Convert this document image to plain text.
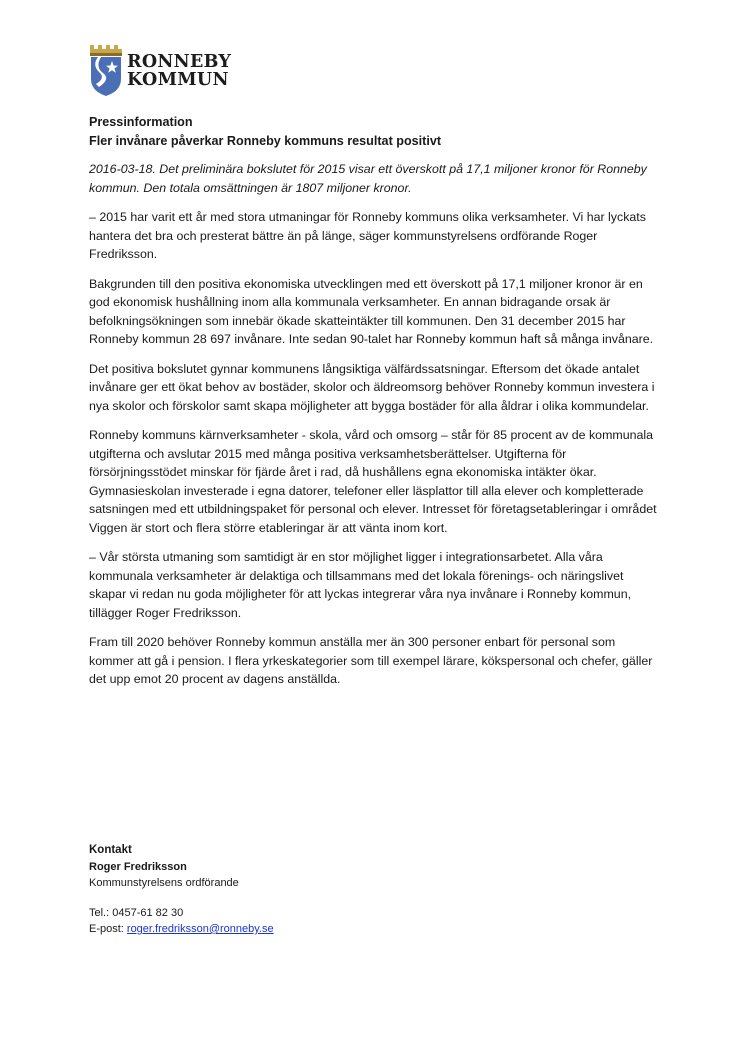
RONNEBY
KOMMUN
Pressinformation
Fler invånare påverkar Ronneby kommuns resultat positivt

2016-03-18. Det preliminära bokslutet för 2015 visar ett överskott på 17,1 miljoner kronor för Ronneby kommun. Den totala omsättningen är 1807 miljoner kronor.

– 2015 har varit ett år med stora utmaningar för Ronneby kommuns olika verksamheter. Vi har lyckats hantera det bra och presterat bättre än på länge, säger kommunstyrelsens ordförande Roger Fredriksson.

Bakgrunden till den positiva ekonomiska utvecklingen med ett överskott på 17,1 miljoner kronor är en god ekonomisk hushållning inom alla kommunala verksamheter. En annan bidragande orsak är befolkningsökningen som innebär ökade skatteintäkter till kommunen. Den 31 december 2015 har Ronneby kommun 28 697 invånare. Inte sedan 90-talet har Ronneby kommun haft så många invånare.

Det positiva bokslutet gynnar kommunens långsiktiga välfärdssatsningar. Eftersom det ökade antalet invånare ger ett ökat behov av bostäder, skolor och äldreomsorg behöver Ronneby kommun investera i nya skolor och förskolor samt skapa möjligheter att bygga bostäder för alla åldrar i olika kommundelar.

Ronneby kommuns kärnverksamheter - skola, vård och omsorg – står för 85 procent av de kommunala utgifterna och avslutar 2015 med många positiva verksamhetsberättelser. Utgifterna för försörjningsstödet minskar för fjärde året i rad, då hushållens egna ekonomiska intäkter ökar. Gymnasieskolan investerade i egna datorer, telefoner eller läsplattor till alla elever och kompletterade satsningen med ett utbildningspaket för personal och elever. Intresset för företagsetableringar i området Viggen är stort och flera större etableringar är att vänta inom kort.

– Vår största utmaning som samtidigt är en stor möjlighet ligger i integrationsarbetet. Alla våra kommunala verksamheter är delaktiga och tillsammans med det lokala förenings- och näringslivet skapar vi redan nu goda möjligheter för att lyckas integrerar våra nya invånare i Ronneby kommun, tillägger Roger Fredriksson.

Fram till 2020 behöver Ronneby kommun anställa mer än 300 personer enbart för personal som kommer att gå i pension. I flera yrkeskategorier som till exempel lärare, kökspersonal och chefer, gäller det upp emot 20 procent av dagens anställda.

Kontakt
Roger Fredriksson
Kommunstyrelsens ordförande
Tel.: 0457-61 82 30
E-post: roger.fredriksson@ronneby.se
